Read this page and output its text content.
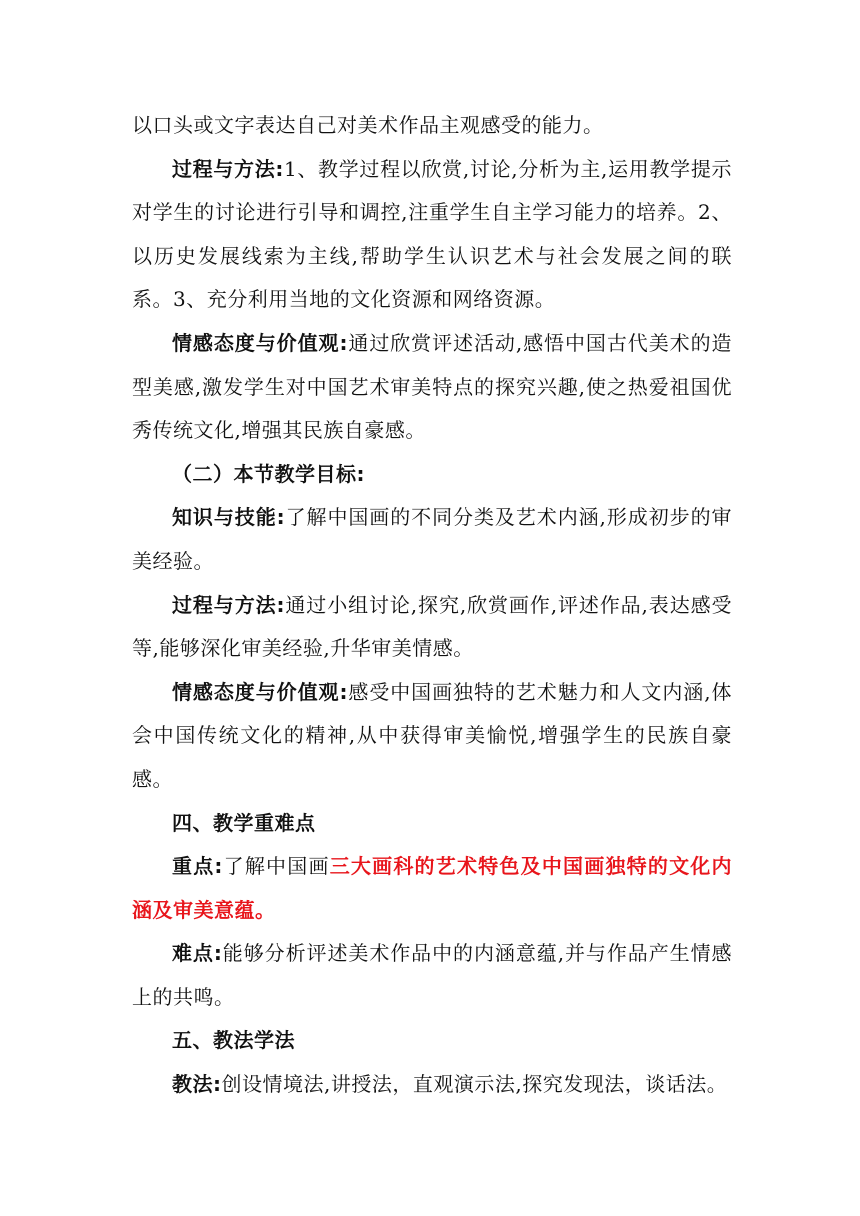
以口头或文字表达自己对美术作品主观感受的能力。

过程与方法:1、教学过程以欣赏,讨论,分析为主,运用教学提示对学生的讨论进行引导和调控,注重学生自主学习能力的培养。2、以历史发展线索为主线,帮助学生认识艺术与社会发展之间的联系。3、充分利用当地的文化资源和网络资源。

情感态度与价值观:通过欣赏评述活动,感悟中国古代美术的造型美感,激发学生对中国艺术审美特点的探究兴趣,使之热爱祖国优秀传统文化,增强其民族自豪感。

（二）本节教学目标:

知识与技能:了解中国画的不同分类及艺术内涵,形成初步的审美经验。

过程与方法:通过小组讨论,探究,欣赏画作,评述作品,表达感受等,能够深化审美经验,升华审美情感。

情感态度与价值观:感受中国画独特的艺术魅力和人文内涵,体会中国传统文化的精神,从中获得审美愉悦,增强学生的民族自豪感。

四、教学重难点

重点:了解中国画三大画科的艺术特色及中国画独特的文化内涵及审美意蕴。

难点:能够分析评述美术作品中的内涵意蕴,并与作品产生情感上的共鸣。

五、教法学法

教法:创设情境法,讲授法，直观演示法,探究发现法，谈话法。
